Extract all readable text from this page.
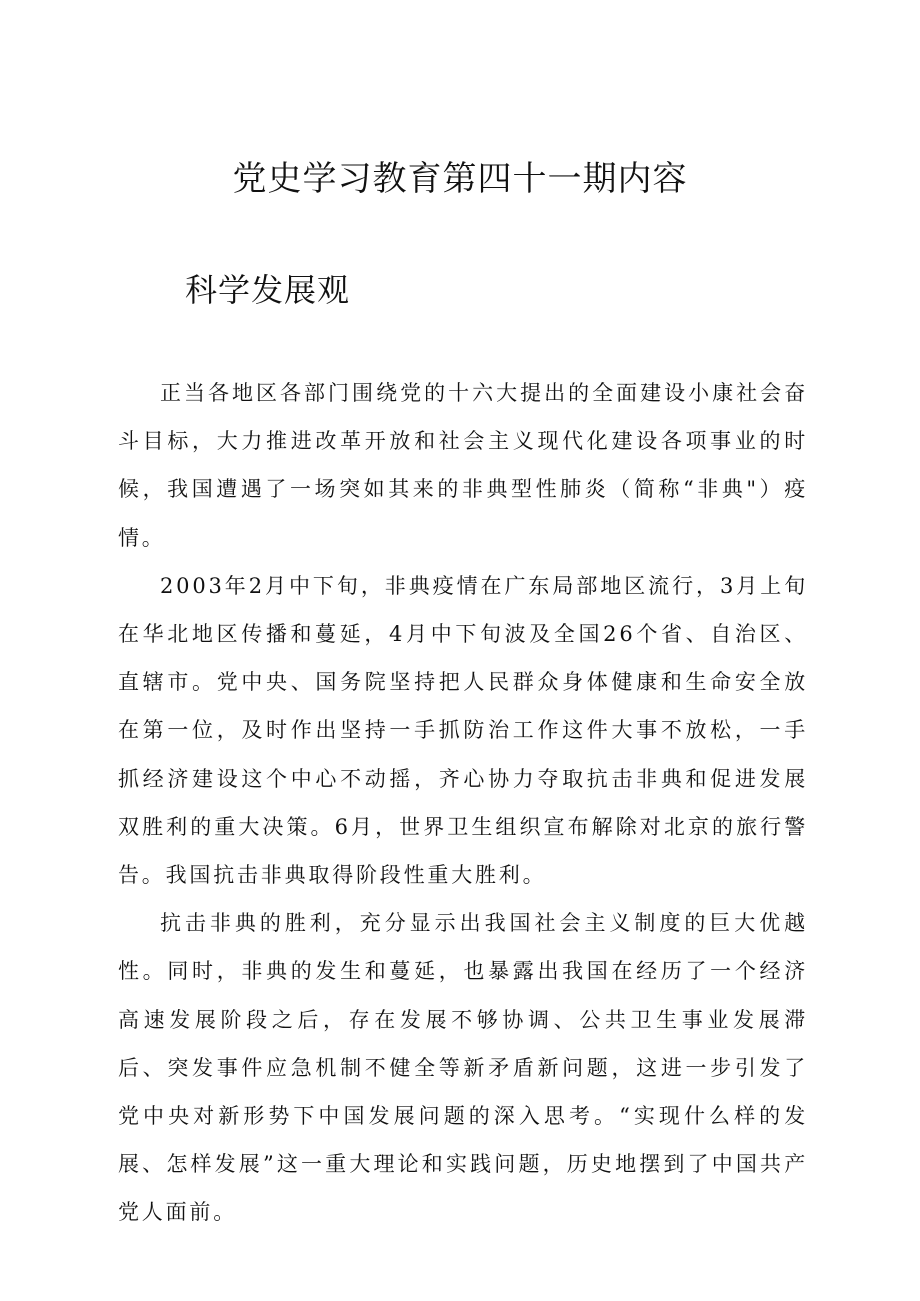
党史学习教育第四十一期内容
科学发展观

正当各地区各部门围绕党的十六大提出的全面建设小康社会奋斗目标，大力推进改革开放和社会主义现代化建设各项事业的时候，我国遭遇了一场突如其来的非典型性肺炎（简称“非典"）疫情。

2003年2月中下旬，非典疫情在广东局部地区流行，3月上旬在华北地区传播和蔓延，4月中下旬波及全国26个省、自治区、直辖市。党中央、国务院坚持把人民群众身体健康和生命安全放在第一位，及时作出坚持一手抓防治工作这件大事不放松，一手抓经济建设这个中心不动摇，齐心协力夺取抗击非典和促进发展双胜利的重大决策。6月，世界卫生组织宣布解除对北京的旅行警告。我国抗击非典取得阶段性重大胜利。

抗击非典的胜利，充分显示出我国社会主义制度的巨大优越性。同时，非典的发生和蔓延，也暴露出我国在经历了一个经济高速发展阶段之后，存在发展不够协调、公共卫生事业发展滞后、突发事件应急机制不健全等新矛盾新问题，这进一步引发了党中央对新形势下中国发展问题的深入思考。“实现什么样的发展、怎样发展”这一重大理论和实践问题，历史地摆到了中国共产党人面前。
